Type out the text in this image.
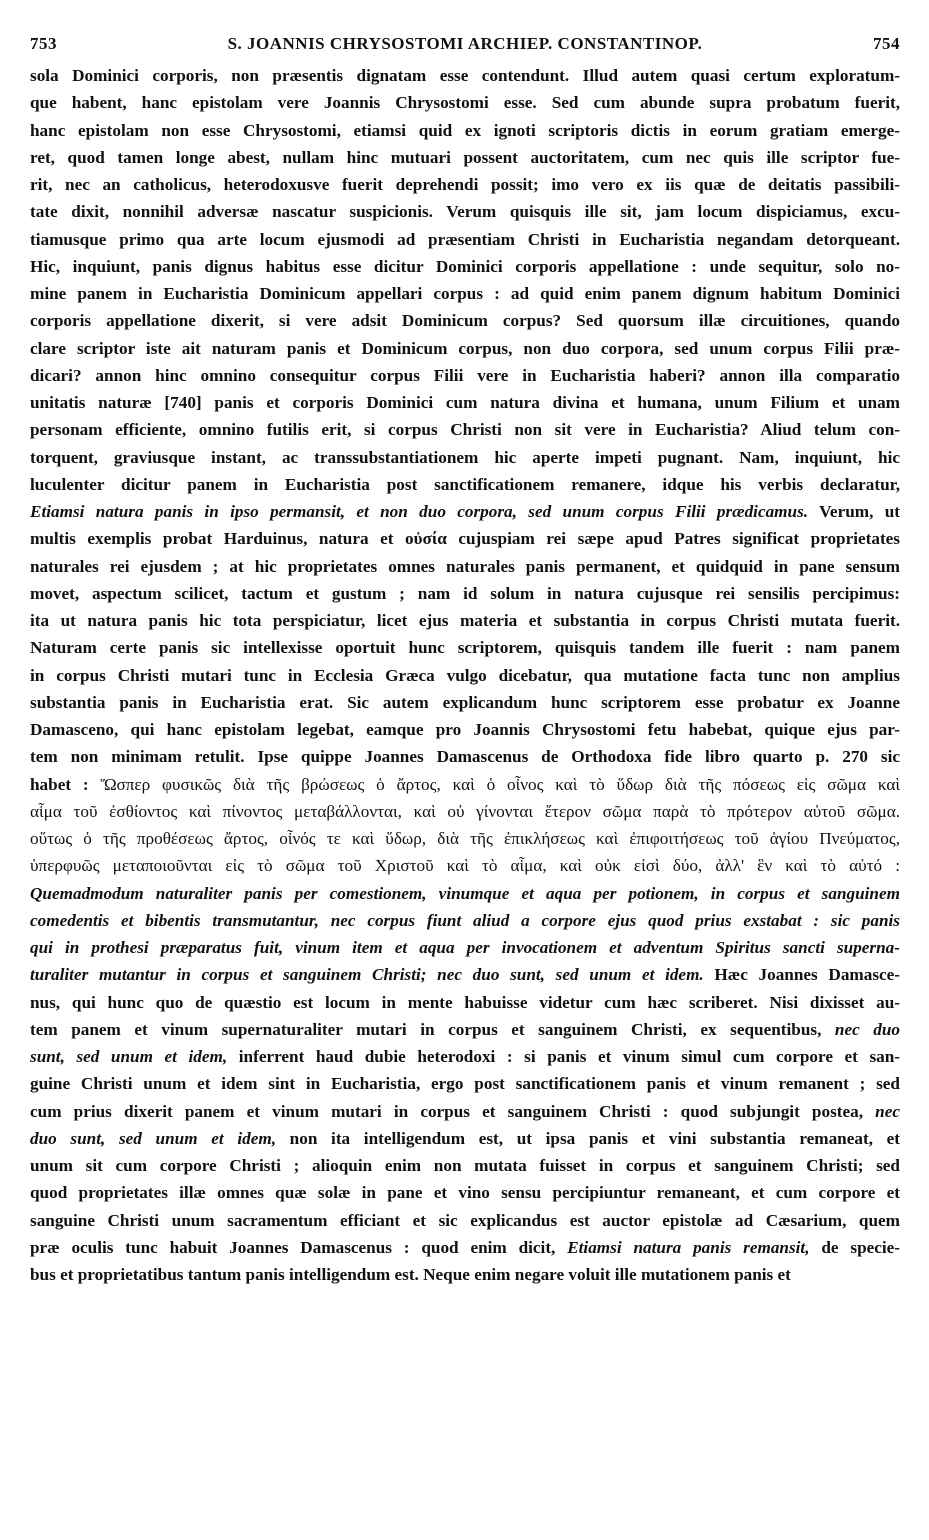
753	S. JOANNIS CHRYSOSTOMI ARCHIEP. CONSTANTINOP.	754
sola Dominici corporis, non præsentis dignatam esse contendunt. Illud autem quasi certum exploratum-
que habent, hanc epistolam vere Joannis Chrysostomi esse. Sed cum abunde supra probatum fuerit,
hanc epistolam non esse Chrysostomi, etiamsi quid ex ignoti scriptoris dictis in eorum gratiam emerge-
ret, quod tamen longe abest, nullam hinc mutuari possent auctoritatem, cum nec quis ille scriptor fue-
rit, nec an catholicus, heterodoxusve fuerit deprehendi possit; imo vero ex iis quæ de deitatis passibili-
tate dixit, nonnihil adversæ nascatur suspicionis. Verum quisquis ille sit, jam locum dispiciamus, excu-
tiamusque primo qua arte locum ejusmodi ad præsentiam Christi in Eucharistia negandam detorqueant.
Hic, inquiunt, panis dignus habitus esse dicitur Dominici corporis appellatione : unde sequitur, solo no-
mine panem in Eucharistia Dominicum appellari corpus : ad quid enim panem dignum habitum Dominici
corporis appellatione dixerit, si vere adsit Dominicum corpus? Sed quorsum illæ circuitiones, quando
clare scriptor iste ait naturam panis et Dominicum corpus, non duo corpora, sed unum corpus Filii præ-
dicari? annon hinc omnino consequitur corpus Filii vere in Eucharistia haberi? annon illa comparatio
unitatis naturæ [740] panis et corporis Dominici cum natura divina et humana, unum Filium et unam
personam efficiente, omnino futilis erit, si corpus Christi non sit vere in Eucharistia? Aliud telum con-
torquent, graviusque instant, ac transsubstantiationem hic aperte impeti pugnant. Nam, inquiunt, hic
luculenter dicitur panem in Eucharistia post sanctificationem remanere, idque his verbis declaratur,
Etiamsi natura panis in ipso permansit, et non duo corpora, sed unum corpus Filii prædicamus. Verum, ut
multis exemplis probat Harduinus, natura et οὐσία cujuspiam rei sæpe apud Patres significat proprietates
naturales rei ejusdem ; at hic proprietates omnes naturales panis permanent, et quidquid in pane sensum
movet, aspectum scilicet, tactum et gustum ; nam id solum in natura cujusque rei sensilis percipimus:
ita ut natura panis hic tota perspiciatur, licet ejus materia et substantia in corpus Christi mutata fuerit.
Naturam certe panis sic intellexisse oportuit hunc scriptorem, quisquis tandem ille fuerit : nam panem
in corpus Christi mutari tunc in Ecclesia Græca vulgo dicebatur, qua mutatione facta tunc non amplius
substantia panis in Eucharistia erat. Sic autem explicandum hunc scriptorem esse probatur ex Joanne
Damasceno, qui hanc epistolam legebat, eamque pro Joannis Chrysostomi fetu habebat, quique ejus par-
tem non minimam retulit. Ipse quippe Joannes Damascenus de Orthodoxa fide libro quarto p. 270 sic
habet : Ὥσπερ φυσικῶς διὰ τῆς βρώσεως ὁ ἄρτος, καὶ ὁ οἶνος καὶ τὸ ὕδωρ διὰ τῆς πόσεως εἰς σῶμα καὶ
αἷμα τοῦ ἐσθίοντος καὶ πίνοντος μεταβάλλονται, καὶ οὐ γίνονται ἕτερον σῶμα παρὰ τὸ πρότερον αὐτοῦ σῶμα.
οὕτως ὁ τῆς προθέσεως ἄρτος, οἶνός τε καὶ ὕδωρ, διὰ τῆς ἐπικλήσεως καὶ ἐπιφοιτήσεως τοῦ ἁγίου Πνεύματος,
ὑπερφυῶς μεταποιοῦνται εἰς τὸ σῶμα τοῦ Χριστοῦ καὶ τὸ αἷμα, καὶ οὐκ εἰσὶ δύο, ἀλλ' ἓν καὶ τὸ αὐτό :
Quemadmodum naturaliter panis per comestionem, vinumque et aqua per potionem, in corpus et sanguinem
comedentis et bibentis transmutantur, nec corpus fiunt aliud a corpore ejus quod prius exstabat : sic panis
qui in prothesi præparatus fuit, vinum item et aqua per invocationem et adventum Spiritus sancti superna-
turaliter mutantur in corpus et sanguinem Christi; nec duo sunt, sed unum et idem. Hæc Joannes Damasce-
nus, qui hunc quo de quæstio est locum in mente habuisse videtur cum hæc scriberet. Nisi dixisset au-
tem panem et vinum supernaturaliter mutari in corpus et sanguinem Christi, ex sequentibus, nec duo
sunt, sed unum et idem, inferrent haud dubie heterodoxi : si panis et vinum simul cum corpore et san-
guine Christi unum et idem sint in Eucharistia, ergo post sanctificationem panis et vinum remanent ; sed
cum prius dixerit panem et vinum mutari in corpus et sanguinem Christi : quod subjungit postea, nec
duo sunt, sed unum et idem, non ita intelligendum est, ut ipsa panis et vini substantia remaneat, et
unum sit cum corpore Christi ; alioquin enim non mutata fuisset in corpus et sanguinem Christi; sed
quod proprietates illæ omnes quæ solæ in pane et vino sensu percipiuntur remaneant, et cum corpore et
sanguine Christi unum sacramentum efficiant et sic explicandus est auctor epistolæ ad Cæsarium, quem
præ oculis tunc habuit Joannes Damascenus : quod enim dicit, Etiamsi natura panis remansit, de specie-
bus et proprietatibus tantum panis intelligendum est. Neque enim negare voluit ille mutationem panis et
